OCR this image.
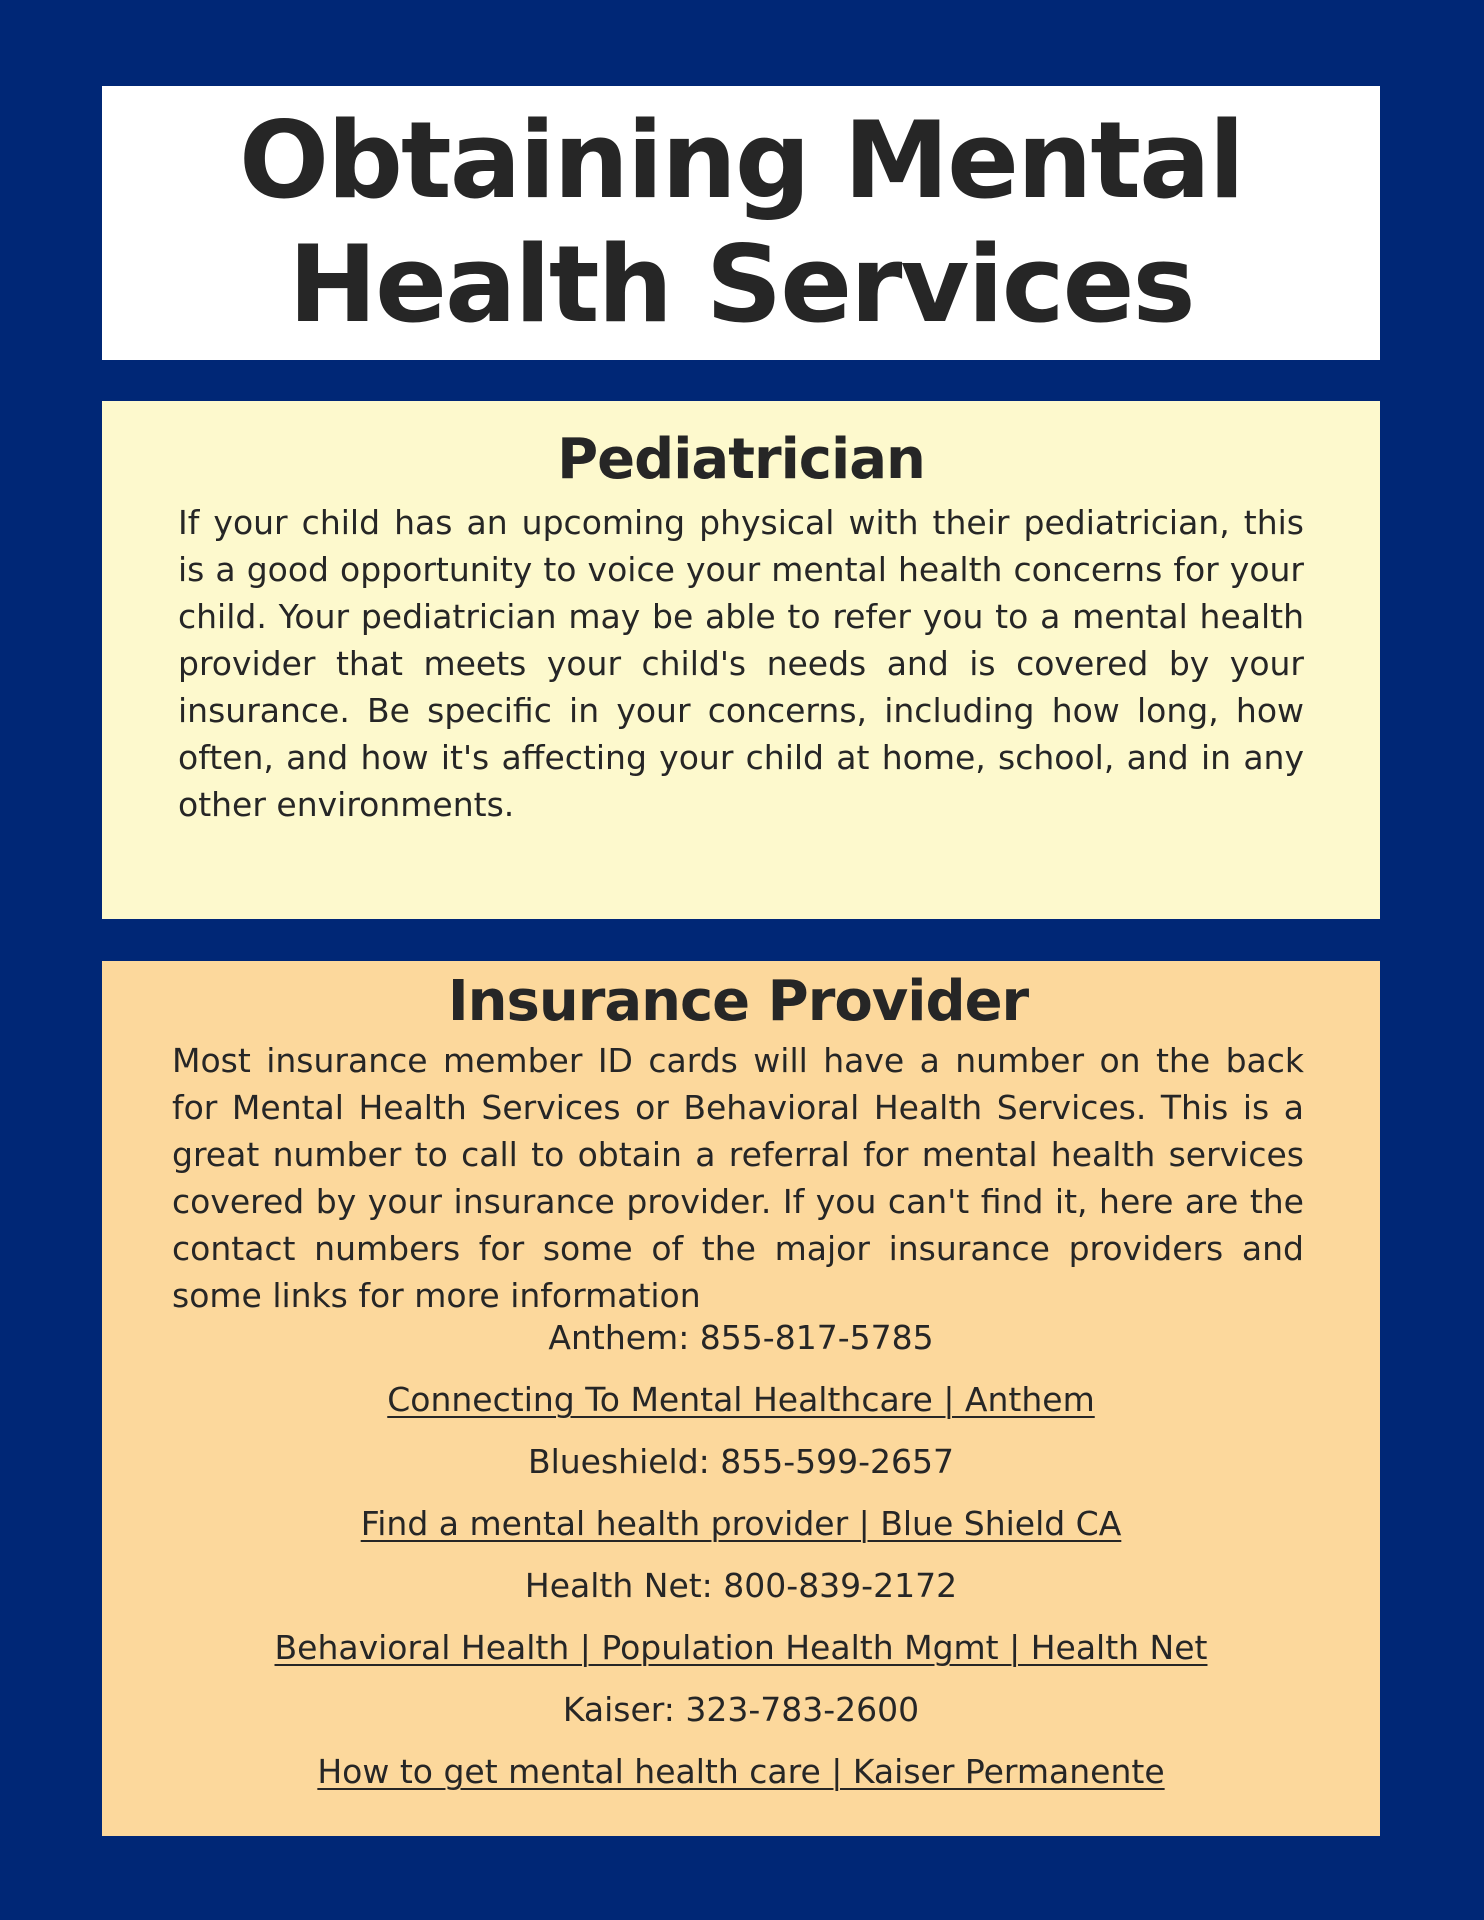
Obtaining Mental
Health Services
Pediatrician

If your child has an upcoming physical with their pediatrician, this is a good opportunity to voice your mental health concerns for your child. Your pediatrician may be able to refer you to a mental health provider that meets your child's needs and is covered by your insurance. Be specific in your concerns, including how long, how often, and how it's affecting your child at home, school, and in any other environments.

Insurance Provider

Most insurance member ID cards will have a number on the back for Mental Health Services or Behavioral Health Services. This is a great number to call to obtain a referral for mental health services covered by your insurance provider. If you can't find it, here are the contact numbers for some of the major insurance providers and some links for more information

Anthem: 855-817-5785
Connecting To Mental Healthcare | Anthem
Blueshield: 855-599-2657
Find a mental health provider | Blue Shield CA
Health Net: 800-839-2172
Behavioral Health | Population Health Mgmt | Health Net
Kaiser: 323-783-2600
How to get mental health care | Kaiser Permanente
